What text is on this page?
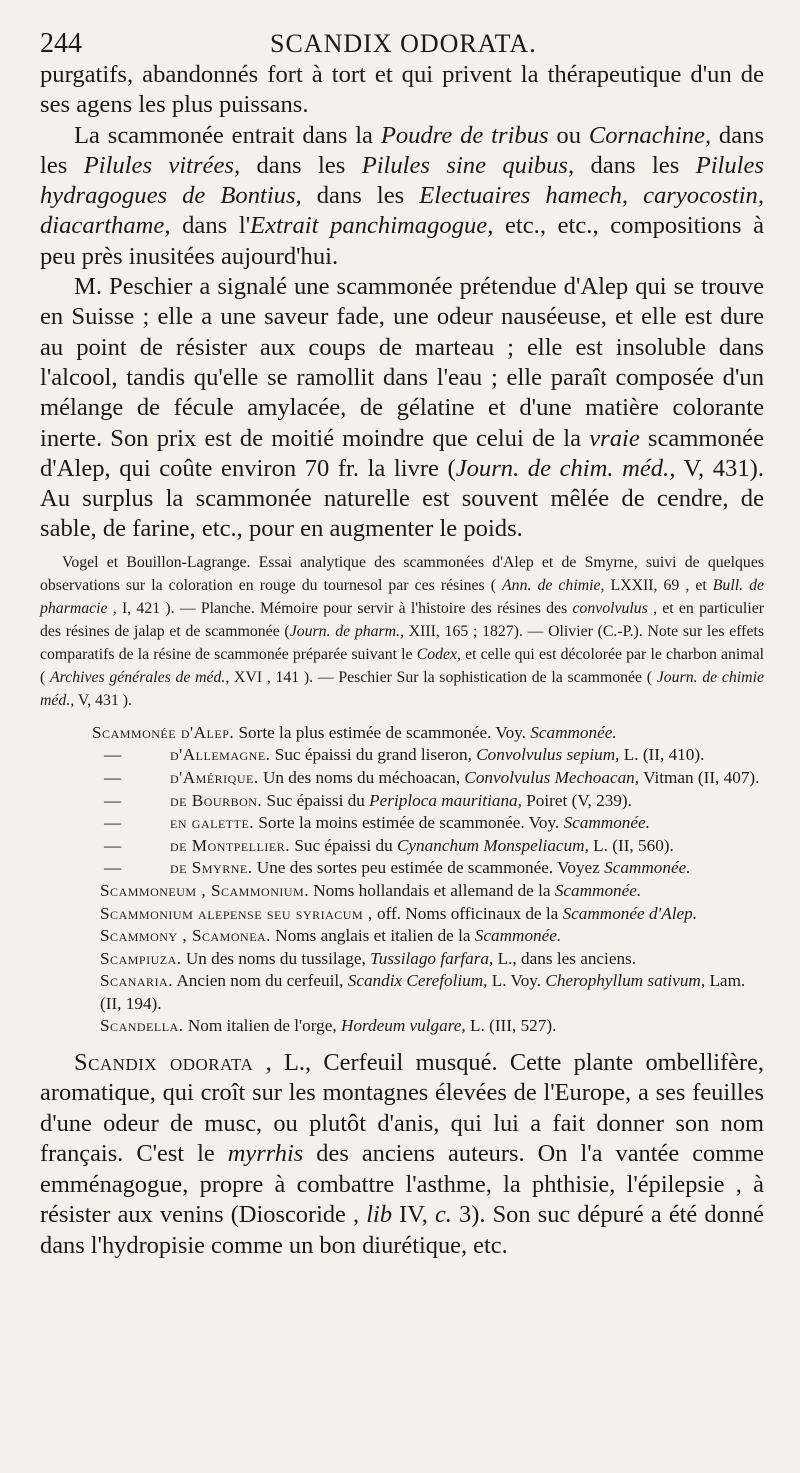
244	SCANDIX ODORATA.

purgatifs, abandonnés fort à tort et qui privent la thérapeutique d'un de ses agens les plus puissans.

La scammonée entrait dans la Poudre de tribus ou Cornachine, dans les Pilules vitrées, dans les Pilules sine quibus, dans les Pilules hydragogues de Bontius, dans les Electuaires hamech, caryocostin, diacarthame, dans l'Extrait panchimagogue, etc., etc., compositions à peu près inusitées aujourd'hui.

M. Peschier a signalé une scammonée prétendue d'Alep qui se trouve en Suisse ; elle a une saveur fade, une odeur nauséeuse, et elle est dure au point de résister aux coups de marteau ; elle est insoluble dans l'alcool, tandis qu'elle se ramollit dans l'eau ; elle paraît composée d'un mélange de fécule amylacée, de gélatine et d'une matière colorante inerte. Son prix est de moitié moindre que celui de la vraie scammonée d'Alep, qui coûte environ 70 fr. la livre (Journ. de chim. méd., V, 431). Au surplus la scammonée naturelle est souvent mêlée de cendre, de sable, de farine, etc., pour en augmenter le poids.

Vogel et Bouillon-Lagrange. Essai analytique des scammonées d'Alep et de Smyrne, suivi de quelques observations sur la coloration en rouge du tournesol par ces résines ( Ann. de chimie, LXXII, 69 , et Bull. de pharmacie , I, 421 ). — Planche. Mémoire pour servir à l'histoire des résines des convolvulus , et en particulier des résines de jalap et de scammonée (Journ. de pharm., XIII, 165 ; 1827). — Olivier (C.-P.). Note sur les effets comparatifs de la résine de scammonée préparée suivant le Codex, et celle qui est décolorée par le charbon animal ( Archives générales de méd., XVI , 141 ). — Peschier Sur la sophistication de la scammonée ( Journ. de chimie méd., V, 431 ).

Scammonée d'Alep. Sorte la plus estimée de scammonée. Voy. Scammonée.

—	d'Allemagne. Suc épaissi du grand liseron, Convolvulus sepium, L. (II, 410).

—	d'Amérique. Un des noms du méchoacan, Convolvulus Mechoacan, Vitman (II, 407).

—	de Bourbon. Suc épaissi du Periploca mauritiana, Poiret (V, 239).

—	en galette. Sorte la moins estimée de scammonée. Voy. Scammonée.

—	de Montpellier. Suc épaissi du Cynanchum Monspeliacum, L. (II, 560).

—	de Smyrne. Une des sortes peu estimée de scammonée. Voyez Scammonée.

Scammoneum , Scammonium. Noms hollandais et allemand de la Scammonée.

Scammonium alepense seu syriacum , off. Noms officinaux de la Scammonée d'Alep.

Scammony , Scamonea. Noms anglais et italien de la Scammonée.

Scampiuza. Un des noms du tussilage, Tussilago farfara, L., dans les anciens.

Scanaria. Ancien nom du cerfeuil, Scandix Cerefolium, L. Voy. Cherophyllum sativum, Lam. (II, 194).

Scandella. Nom italien de l'orge, Hordeum vulgare, L. (III, 527).

Scandix odorata , L., Cerfeuil musqué. Cette plante ombellifère, aromatique, qui croît sur les montagnes élevées de l'Europe, a ses feuilles d'une odeur de musc, ou plutôt d'anis, qui lui a fait donner son nom français. C'est le myrrhis des anciens auteurs. On l'a vantée comme emménagogue, propre à combattre l'asthme, la phthisie, l'épilepsie , à résister aux venins (Dioscoride , lib IV, c. 3). Son suc dépuré a été donné dans l'hydropisie comme un bon diurétique, etc.
